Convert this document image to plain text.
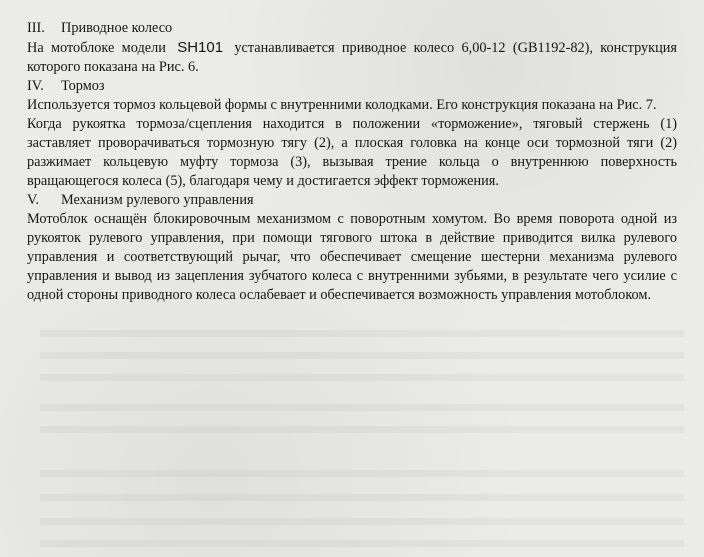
III. Приводное колесо

На мотоблоке модели SH101 устанавливается приводное колесо 6,00-12 (GB1192-82), конструкция которого показана на Рис. 6.

IV. Тормоз

Используется тормоз кольцевой формы с внутренними колодками. Его конструкция показана на Рис. 7.

Когда рукоятка тормоза/сцепления находится в положении «торможение», тяговый стержень (1) заставляет проворачиваться тормозную тягу (2), а плоская головка на конце оси тормозной тяги (2) разжимает кольцевую муфту тормоза (3), вызывая трение кольца о внутреннюю поверхность вращающегося колеса (5), благодаря чему и достигается эффект торможения.

V. Механизм рулевого управления

Мотоблок оснащён блокировочным механизмом с поворотным хомутом. Во время поворота одной из рукояток рулевого управления, при помощи тягового штока в действие приводится вилка рулевого управления и соответствующий рычаг, что обеспечивает смещение шестерни механизма рулевого управления и вывод из зацепления зубчатого колеса с внутренними зубьями, в результате чего усилие с одной стороны приводного колеса ослабевает и обеспечивается возможность управления мотоблоком.
